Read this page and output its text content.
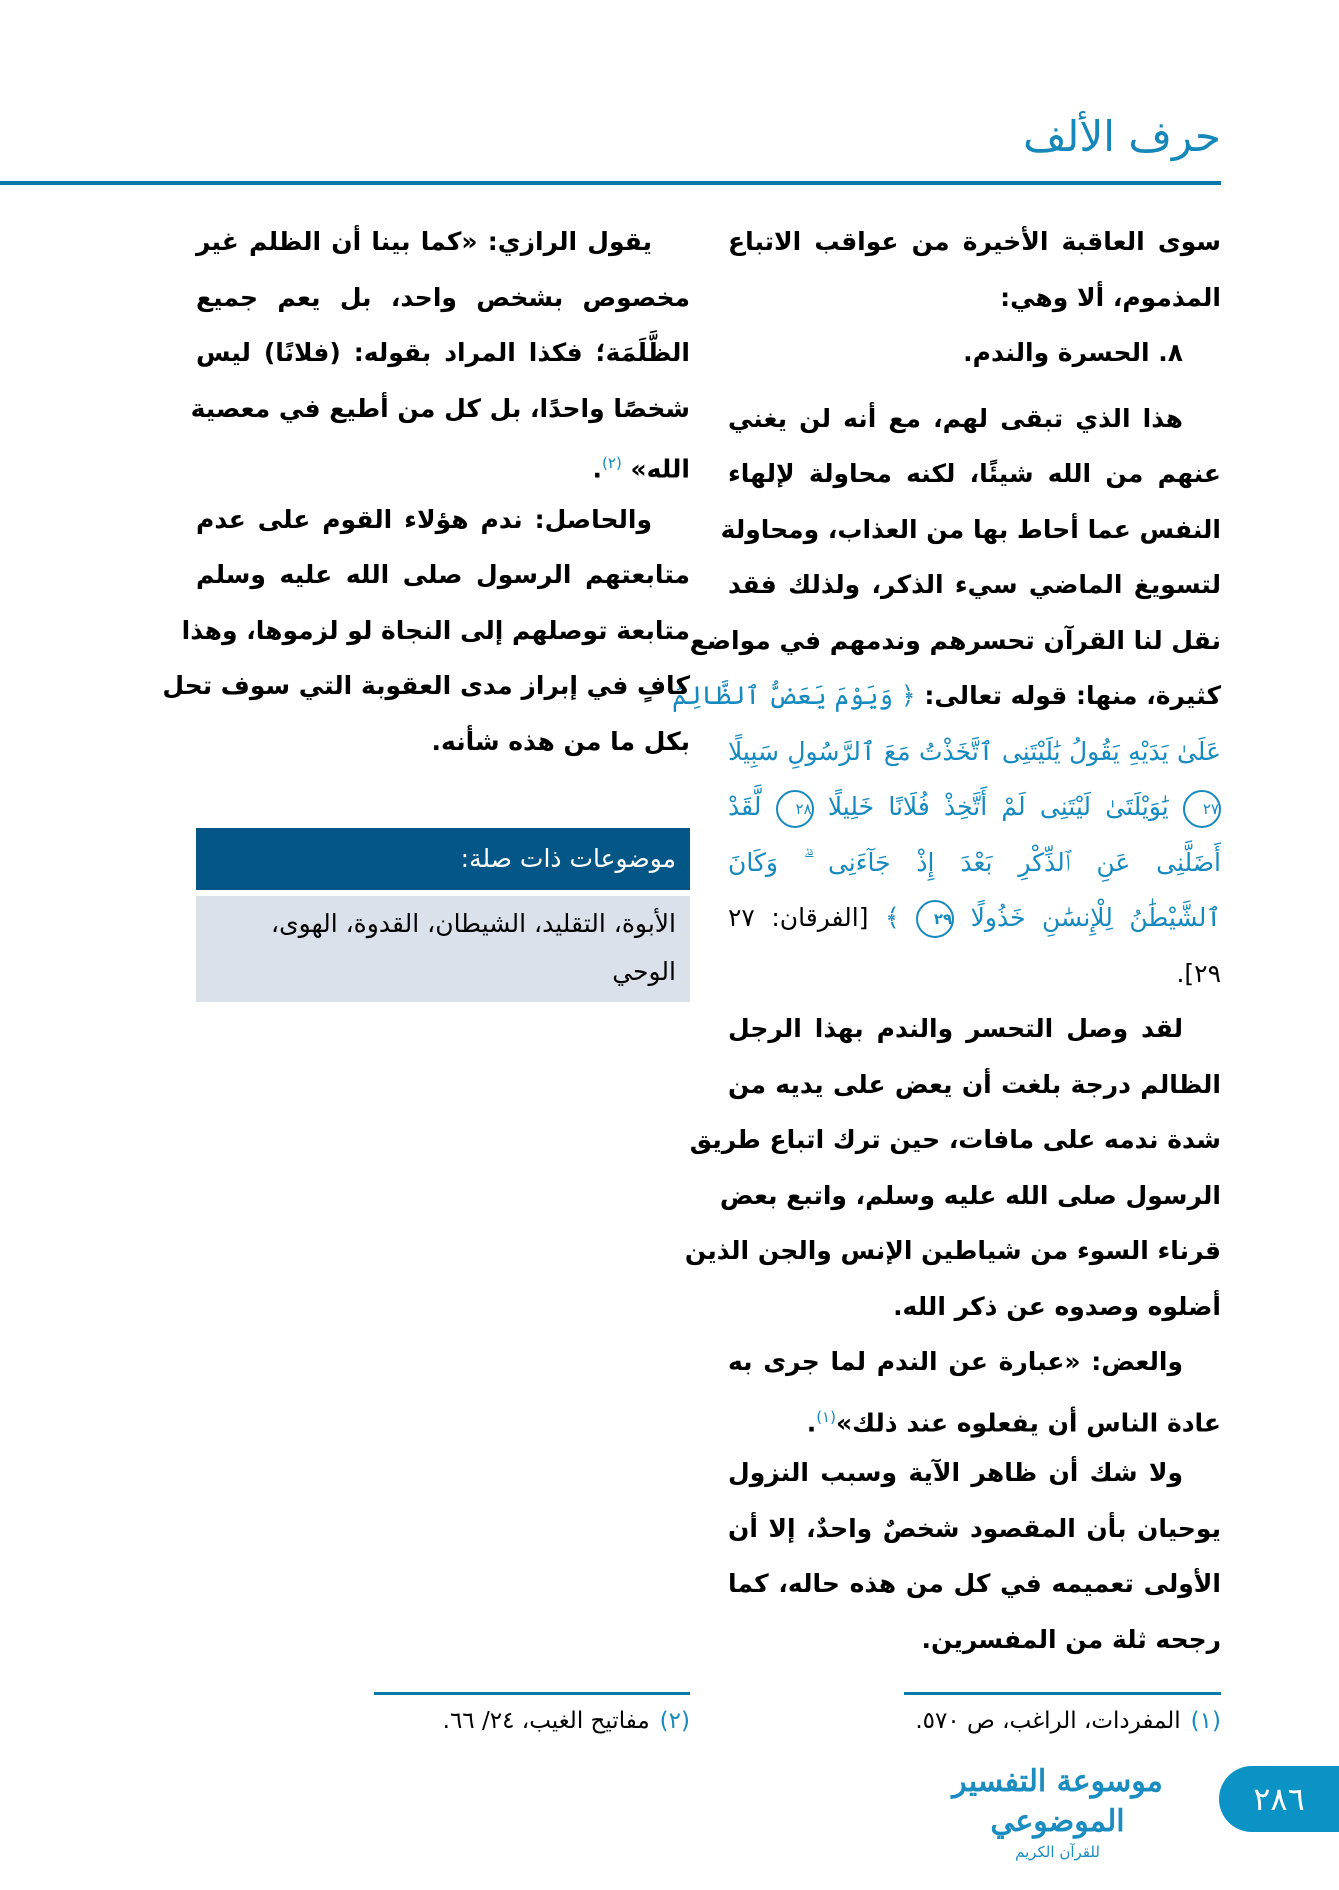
حرف الألف
سوى العاقبة الأخيرة من عواقب الاتباع
المذموم، ألا وهي:
٨. الحسرة والندم.
هذا الذي تبقى لهم، مع أنه لن يغني
عنهم من الله شيئًا، لكنه محاولة لإلهاء
النفس عما أحاط بها من العذاب، ومحاولة
لتسويغ الماضي سيء الذكر، ولذلك فقد
نقل لنا القرآن تحسرهم وندمهم في مواضع
كثيرة، منها: قوله تعالى: ﴿ وَيَوْمَ يَعَضُّ ٱلظَّالِمُ
عَلَىٰ يَدَيْهِ يَقُولُ يَٰلَيْتَنِى ٱتَّخَذْتُ مَعَ ٱلرَّسُولِ سَبِيلًا
٢٧ يَٰوَيْلَتَىٰ لَيْتَنِى لَمْ أَتَّخِذْ فُلَانًا خَلِيلًا ٢٨ لَّقَدْ
أَضَلَّنِى عَنِ ٱلذِّكْرِ بَعْدَ إِذْ جَآءَنِى ۗ وَكَانَ
ٱلشَّيْطَٰنُ لِلْإِنسَٰنِ خَذُولًا ٢٩ ﴾ [الفرقان: ٢٧
٢٩].
لقد وصل التحسر والندم بهذا الرجل
الظالم درجة بلغت أن يعض على يديه من
شدة ندمه على مافات، حين ترك اتباع طريق
الرسول صلى الله عليه وسلم، واتبع بعض
قرناء السوء من شياطين الإنس والجن الذين
أضلوه وصدوه عن ذكر الله.
والعض: «عبارة عن الندم لما جرى به
عادة الناس أن يفعلوه عند ذلك»$^{(١)}$.
ولا شك أن ظاهر الآية وسبب النزول
يوحيان بأن المقصود شخصٌ واحدٌ، إلا أن
الأولى تعميمه في كل من هذه حاله، كما
رجحه ثلة من المفسرين.
يقول الرازي: «كما بينا أن الظلم غير
مخصوص بشخص واحد، بل يعم جميع
الظَّلَمَة؛ فكذا المراد بقوله: (فلانًا) ليس
شخصًا واحدًا، بل كل من أطيع في معصية
الله» $^{(٢)}$.
والحاصل: ندم هؤلاء القوم على عدم
متابعتهم الرسول صلى الله عليه وسلم
متابعة توصلهم إلى النجاة لو لزموها، وهذا
كافٍ في إبراز مدى العقوبة التي سوف تحل
بكل ما من هذه شأنه.
موضوعات ذات صلة:
الأبوة، التقليد، الشيطان، القدوة، الهوى، الوحي
(١)المفردات، الراغب، ص ٥٧٠.
(٢)مفاتيح الغيب، ٢٤/ ٦٦.
موسوعة التفسير الموضوعي
للقرآن الكريم
٢٨٦
